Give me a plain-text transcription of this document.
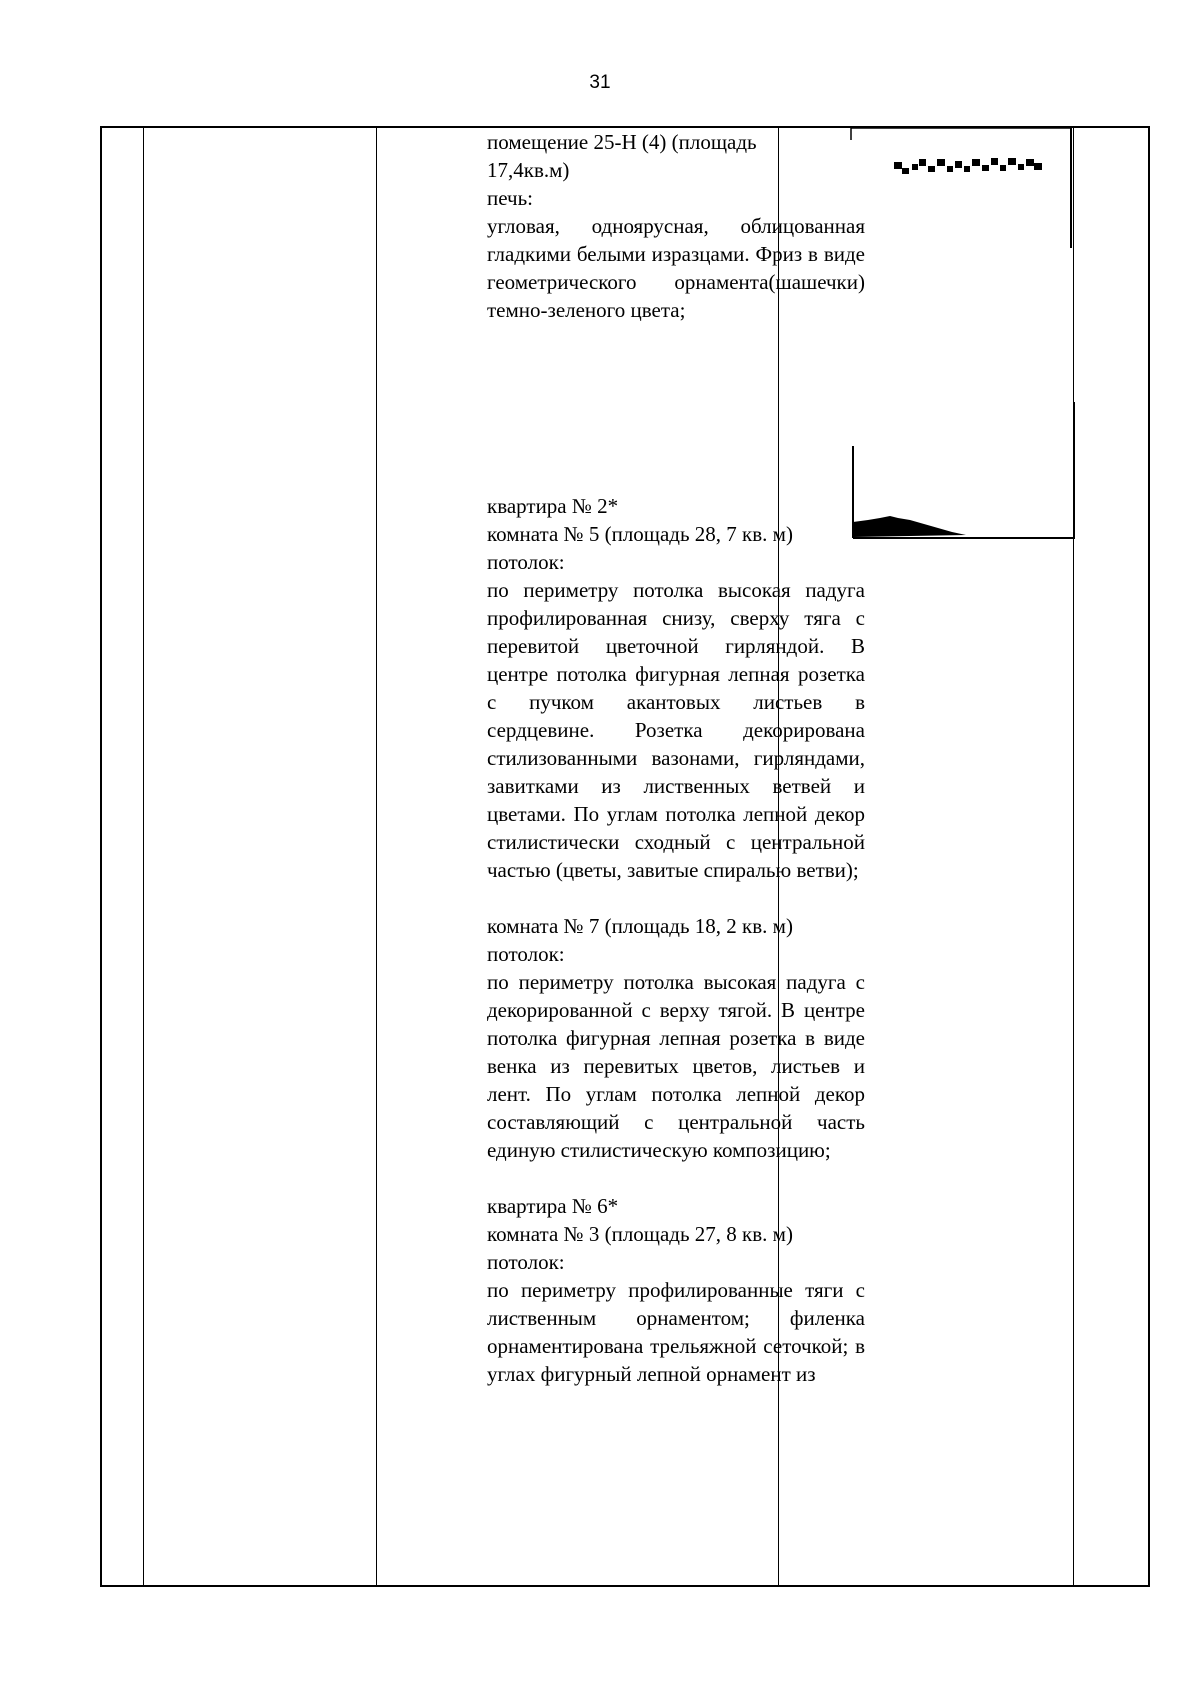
31
помещение 25-Н (4) (площадь
17,4кв.м)
печь:
угловая, одноярусная, облицованная гладкими белыми изразцами. Фриз в виде геометрического орнамента(шашечки) темно-зеленого цвета;
квартира № 2*
комната № 5 (площадь 28, 7 кв. м)
потолок:
по периметру потолка высокая падуга профилированная снизу, сверху тяга с перевитой цветочной гирляндой. В центре потолка фигурная лепная розетка с пучком акантовых листьев в сердцевине. Розетка декорирована стилизованными вазонами, гирляндами, завитками из лиственных ветвей и цветами. По углам потолка лепной декор стилистически сходный с центральной частью (цветы, завитые спиралью ветви);
комната № 7 (площадь 18, 2 кв. м)
потолок:
по периметру потолка высокая падуга с декорированной с верху тягой. В центре потолка фигурная лепная розетка в виде венка из перевитых цветов, листьев и лент. По углам потолка лепной декор составляющий с центральной часть единую стилистическую композицию;
квартира № 6*
комната № 3 (площадь 27, 8 кв. м)
потолок:
по периметру профилированные тяги с лиственным орнаментом; филенка орнаментирована трельяжной сеточкой; в углах фигурный лепной орнамент из
